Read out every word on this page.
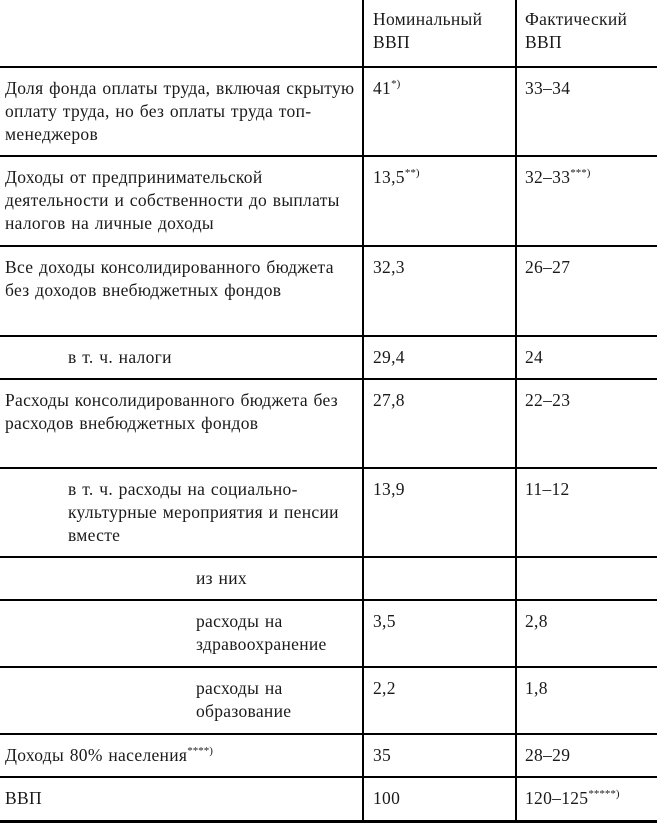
	Номинальный ВВП	Фактический ВВП
Доля фонда оплаты труда, включая скрытую оплату труда, но без оплаты труда топ- менеджеров	41*)	33–34
Доходы от предпринимательской деятельности и собственности до выплаты налогов на личные доходы	13,5**)	32–33***)
Все доходы консолидированного бюджета без доходов внебюджетных фондов	32,3	26–27
в т. ч. налоги	29,4	24
Расходы консолидированного бюджета без расходов внебюджетных фондов	27,8	22–23
в т. ч. расходы на социально-культурные мероприятия и пенсии вместе	13,9	11–12
из них		
расходы на здравоохранение	3,5	2,8
расходы на образование	2,2	1,8
Доходы 80% населения****)	35	28–29
ВВП	100	120–125*****)
